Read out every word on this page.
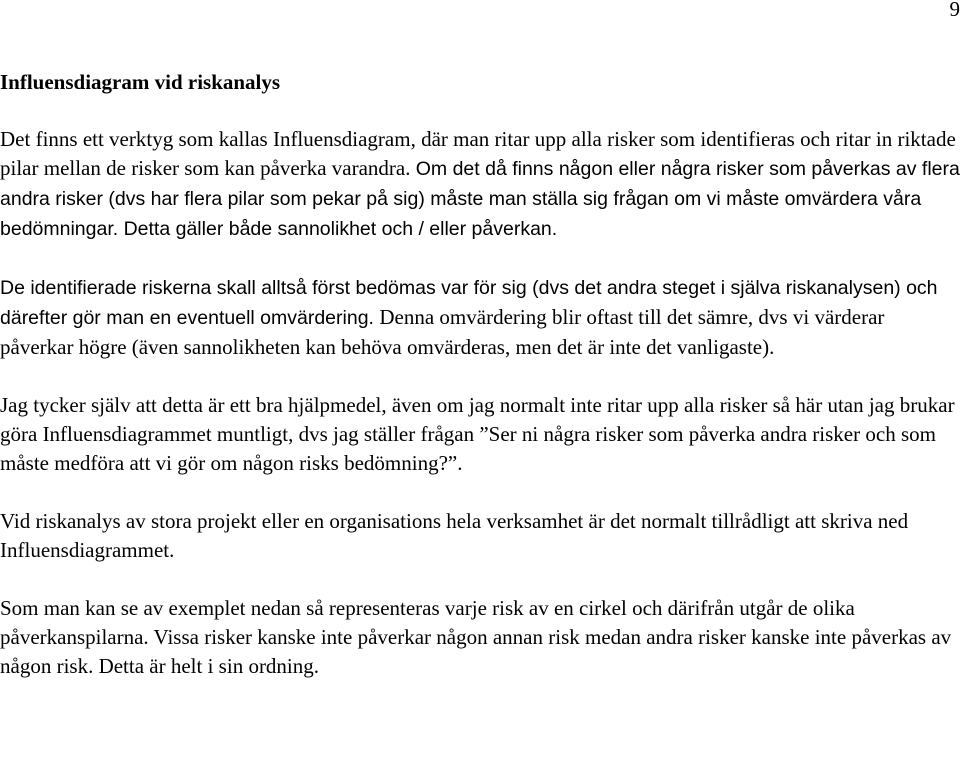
9
Influensdiagram vid riskanalys

Det finns ett verktyg som kallas Influensdiagram, där man ritar upp alla risker som identifieras och ritar in riktade pilar mellan de risker som kan påverka varandra. Om det då finns någon eller några risker som påverkas av flera andra risker (dvs har flera pilar som pekar på sig) måste man ställa sig frågan om vi måste omvärdera våra bedömningar. Detta gäller både sannolikhet och / eller påverkan.

De identifierade riskerna skall alltså först bedömas var för sig (dvs det andra steget i själva riskanalysen) och därefter gör man en eventuell omvärdering. Denna omvärdering blir oftast till det sämre, dvs vi värderar påverkar högre (även sannolikheten kan behöva omvärderas, men det är inte det vanligaste).

Jag tycker själv att detta är ett bra hjälpmedel, även om jag normalt inte ritar upp alla risker så här utan jag brukar göra Influensdiagrammet muntligt, dvs jag ställer frågan ”Ser ni några risker som påverka andra risker och som måste medföra att vi gör om någon risks bedömning?”.

Vid riskanalys av stora projekt eller en organisations hela verksamhet är det normalt tillrådligt att skriva ned Influensdiagrammet.

Som man kan se av exemplet nedan så representeras varje risk av en cirkel och därifrån utgår de olika påverkanspilarna. Vissa risker kanske inte påverkar någon annan risk medan andra risker kanske inte påverkas av någon risk. Detta är helt i sin ordning.
